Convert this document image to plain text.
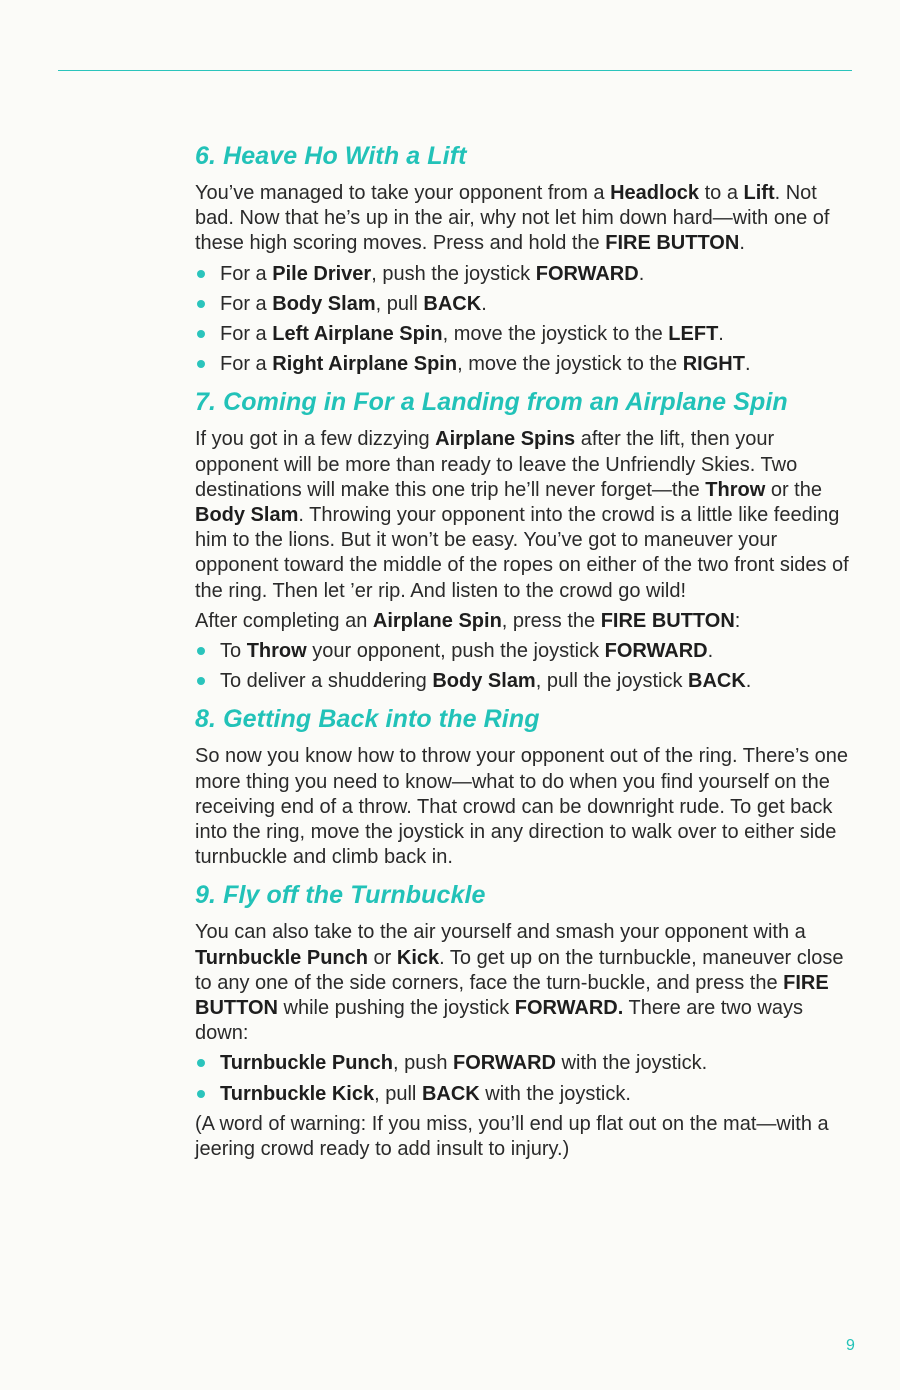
6. Heave Ho With a Lift

You’ve managed to take your opponent from a Headlock to a Lift. Not bad. Now that he’s up in the air, why not let him down hard—with one of these high scoring moves. Press and hold the FIRE BUTTON.

For a Pile Driver, push the joystick FORWARD.
For a Body Slam, pull BACK.
For a Left Airplane Spin, move the joystick to the LEFT.
For a Right Airplane Spin, move the joystick to the RIGHT.
7. Coming in For a Landing from an Airplane Spin

If you got in a few dizzying Airplane Spins after the lift, then your opponent will be more than ready to leave the Unfriendly Skies. Two destinations will make this one trip he’ll never forget—the Throw or the Body Slam. Throwing your opponent into the crowd is a little like feeding him to the lions. But it won’t be easy. You’ve got to maneuver your opponent toward the middle of the ropes on either of the two front sides of the ring. Then let ’er rip. And listen to the crowd go wild!

After completing an Airplane Spin, press the FIRE BUTTON:

To Throw your opponent, push the joystick FORWARD.
To deliver a shuddering Body Slam, pull the joystick BACK.
8. Getting Back into the Ring

So now you know how to throw your opponent out of the ring. There’s one more thing you need to know—what to do when you find yourself on the receiving end of a throw. That crowd can be downright rude. To get back into the ring, move the joystick in any direction to walk over to either side turnbuckle and climb back in.

9. Fly off the Turnbuckle

You can also take to the air yourself and smash your opponent with a Turnbuckle Punch or Kick. To get up on the turnbuckle, maneuver close to any one of the side corners, face the turn-buckle, and press the FIRE BUTTON while pushing the joystick FORWARD. There are two ways down:

Turnbuckle Punch, push FORWARD with the joystick.
Turnbuckle Kick, pull BACK with the joystick.

(A word of warning: If you miss, you’ll end up flat out on the mat—with a jeering crowd ready to add insult to injury.)

9
